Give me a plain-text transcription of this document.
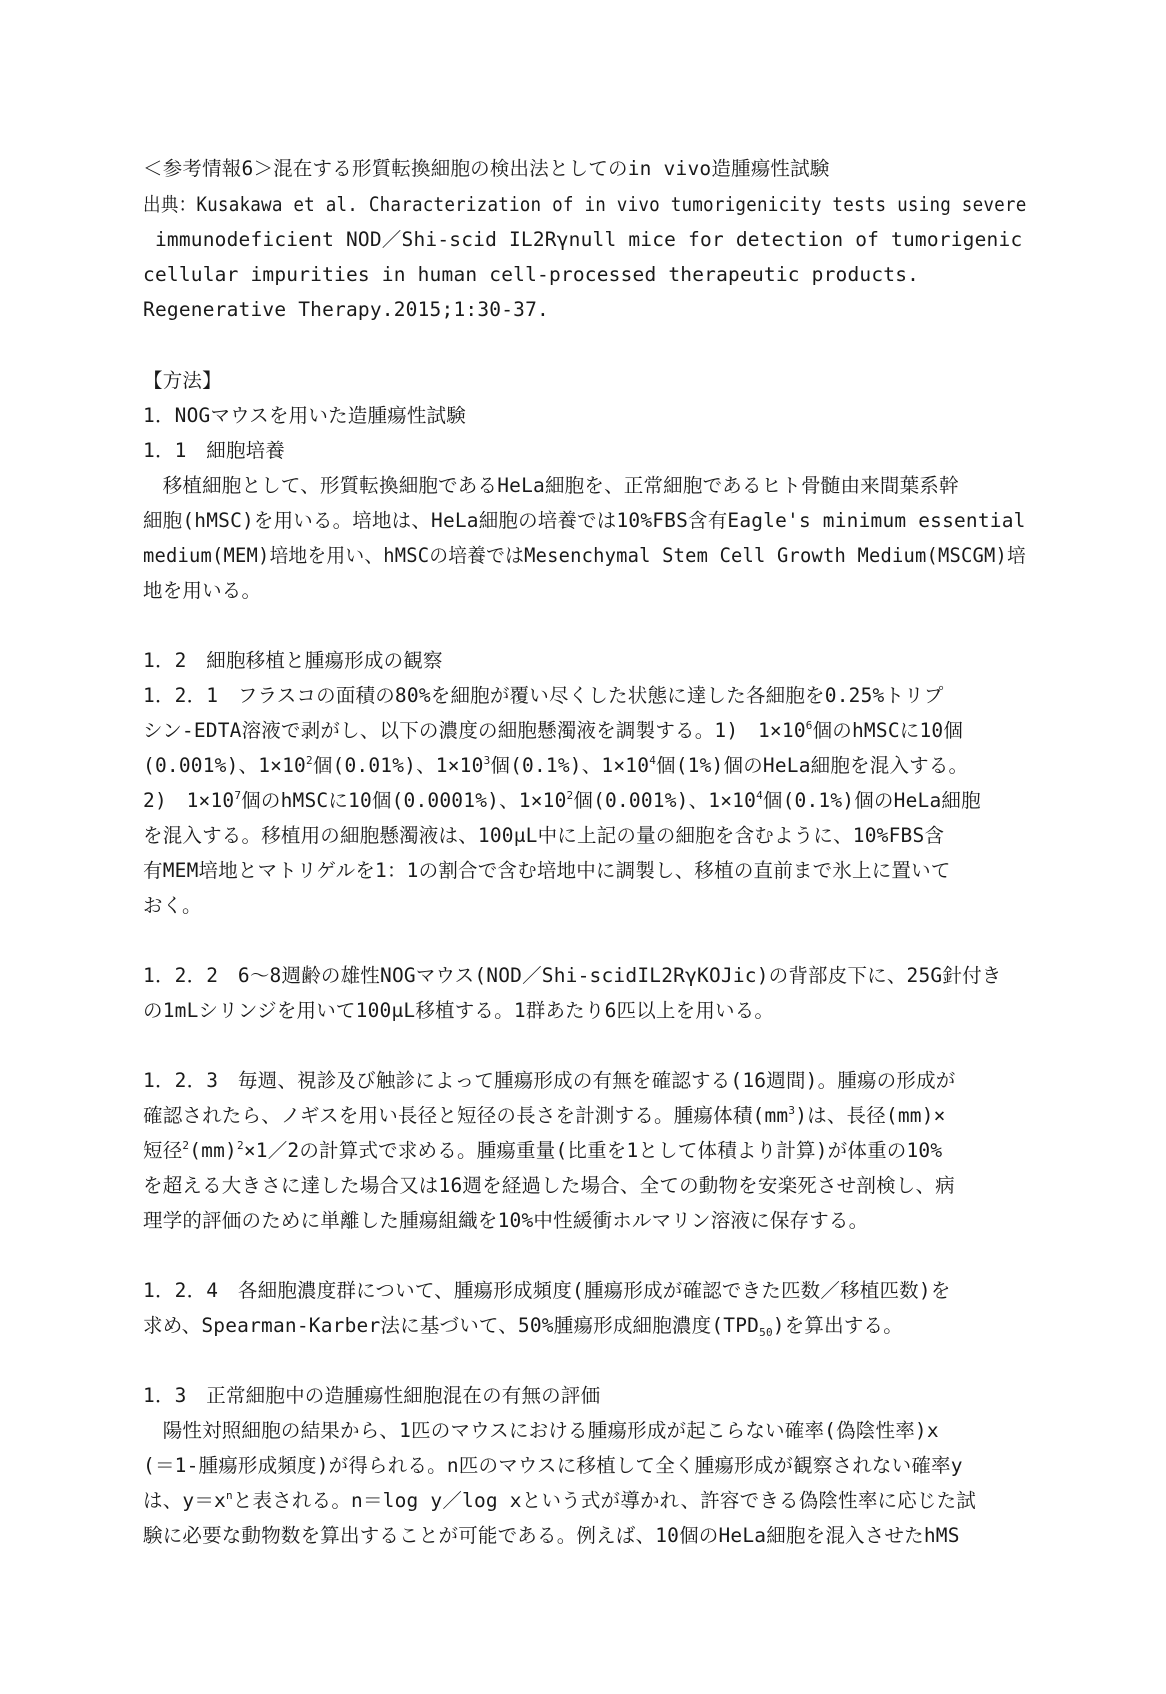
＜参考情報6＞混在する形質転換細胞の検出法としてのin vivo造腫瘍性試験

出典：Kusakawa et al. Characterization of in vivo tumorigenicity tests using severe

immunodeficient NOD／Shi-scid IL2Rγnull mice for detection of tumorigenic

cellular impurities in human cell-processed therapeutic products.

Regenerative Therapy.2015;1:30-37.

【方法】

1．NOGマウスを用いた造腫瘍性試験

1．1　細胞培養

　移植細胞として、形質転換細胞であるHeLa細胞を、正常細胞であるヒト骨髄由来間葉系幹

細胞(hMSC)を用いる。培地は、HeLa細胞の培養では10%FBS含有Eagle's minimum essential

medium(MEM)培地を用い、hMSCの培養ではMesenchymal Stem Cell Growth Medium(MSCGM)培

地を用いる。

1．2　細胞移植と腫瘍形成の観察

1．2．1　フラスコの面積の80%を細胞が覆い尽くした状態に達した各細胞を0.25%トリプ

シン-EDTA溶液で剥がし、以下の濃度の細胞懸濁液を調製する。1)　$1\times 10^6$個のhMSCに10個

(0.001%)、$1\times 10^2$個(0.01%)、$1\times 10^3$個(0.1%)、$1\times 10^4$個(1%)個のHeLa細胞を混入する。

2)　$1\times 10^7$個のhMSCに10個(0.0001%)、$1\times 10^2$個(0.001%)、$1\times 10^4$個(0.1%)個のHeLa細胞

を混入する。移植用の細胞懸濁液は、100μL中に上記の量の細胞を含むように、10%FBS含

有MEM培地とマトリゲルを1：1の割合で含む培地中に調製し、移植の直前まで氷上に置いて

おく。

1．2．2　6～8週齢の雄性NOGマウス(NOD／Shi-scidIL2RγKOJic)の背部皮下に、25G針付き

の1mLシリンジを用いて100μL移植する。1群あたり6匹以上を用いる。

1．2．3　毎週、視診及び触診によって腫瘍形成の有無を確認する(16週間)。腫瘍の形成が

確認されたら、ノギスを用い長径と短径の長さを計測する。腫瘍体積$(mm^3)$は、長径(mm)×

短径$^2$(mm)$^2$×1／2の計算式で求める。腫瘍重量(比重を1として体積より計算)が体重の10%

を超える大きさに達した場合又は16週を経過した場合、全ての動物を安楽死させ剖検し、病

理学的評価のために単離した腫瘍組織を10%中性緩衝ホルマリン溶液に保存する。

1．2．4　各細胞濃度群について、腫瘍形成頻度(腫瘍形成が確認できた匹数／移植匹数)を

求め、Spearman-Karber法に基づいて、50%腫瘍形成細胞濃度$(TPD_{50})$を算出する。

1．3　正常細胞中の造腫瘍性細胞混在の有無の評価

　陽性対照細胞の結果から、1匹のマウスにおける腫瘍形成が起こらない確率(偽陰性率)x

(＝1-腫瘍形成頻度)が得られる。n匹のマウスに移植して全く腫瘍形成が観察されない確率y

は、$y=x^n$と表される。n＝log y／log xという式が導かれ、許容できる偽陰性率に応じた試

験に必要な動物数を算出することが可能である。例えば、10個のHeLa細胞を混入させたhMS
